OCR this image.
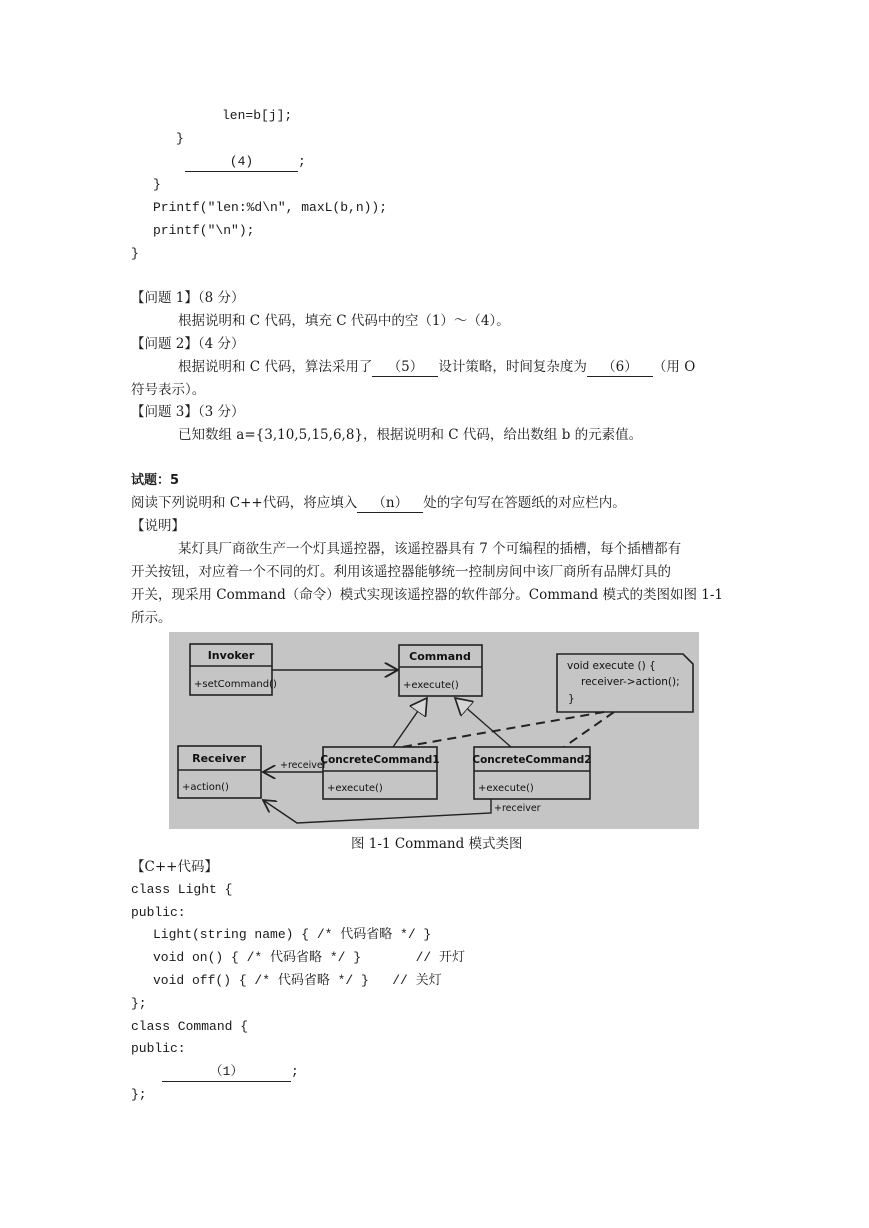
len=b[j];
}
(4)	;
}
Printf("len:%d\n", maxL(b,n));
printf("\n");
}
【问题 1】（8 分）
根据说明和 C 代码，填充 C 代码中的空（1）～（4）。
【问题 2】（4 分）
根据说明和 C 代码，算法采用了 （5） 设计策略，时间复杂度为 （6） （用 O
符号表示）。
【问题 3】（3 分）
已知数组 a={3,10,5,15,6,8}，根据说明和 C 代码，给出数组 b 的元素值。
试题：5
阅读下列说明和 C++代码，将应填入 （n） 处的字句写在答题纸的对应栏内。
【说明】
某灯具厂商欲生产一个灯具遥控器，该遥控器具有 7 个可编程的插槽，每个插槽都有
开关按钮，对应着一个不同的灯。利用该遥控器能够统一控制房间中该厂商所有品牌灯具的
开关，现采用 Command（命令）模式实现该遥控器的软件部分。Command 模式的类图如图 1-1
所示。
Invoker
+setCommand()
Command
+execute()
void execute () {
receiver->action();
}
Receiver
+action()
ConcreteCommand1
+execute()
ConcreteCommand2
+execute()
+receiver
+receiver
图 1-1 Command 模式类图
【C++代码】
class Light {
public:
Light(string name) { /* 代码省略 */ }
void on() { /* 代码省略 */ }       // 开灯
void off() { /* 代码省略 */ }   // 关灯
};
class Command {
public:
（1）	;
};
